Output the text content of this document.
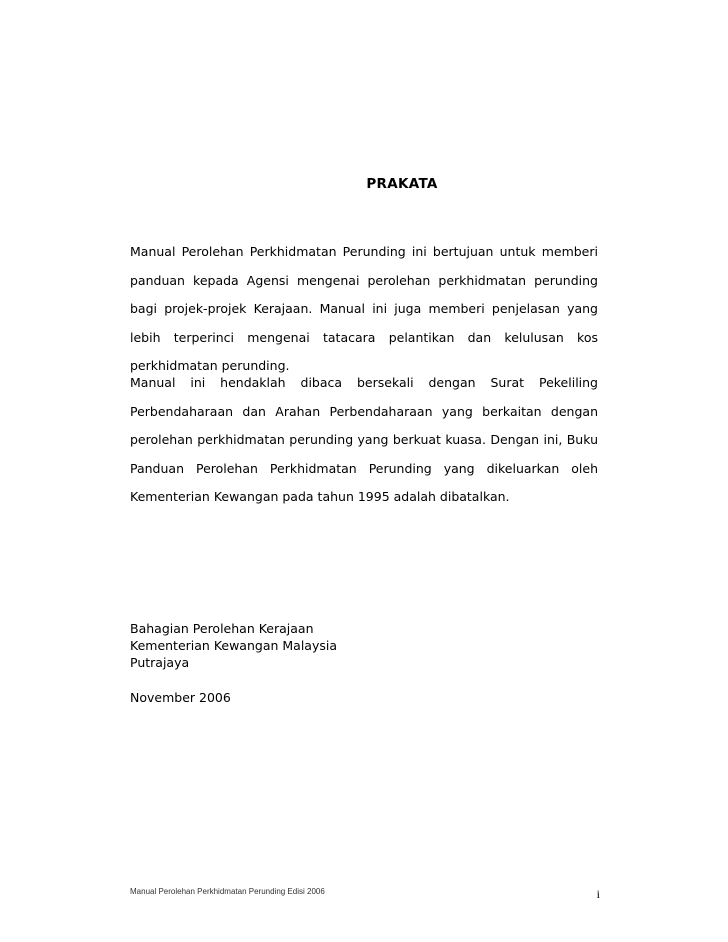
PRAKATA

Manual Perolehan Perkhidmatan Perunding ini bertujuan untuk memberi panduan kepada Agensi mengenai perolehan perkhidmatan perunding bagi projek-projek Kerajaan. Manual ini juga memberi penjelasan yang lebih terperinci mengenai tatacara pelantikan dan kelulusan kos perkhidmatan perunding.

Manual ini hendaklah dibaca bersekali dengan Surat Pekeliling Perbendaharaan dan Arahan Perbendaharaan yang berkaitan dengan perolehan perkhidmatan perunding yang berkuat kuasa. Dengan ini, Buku Panduan Perolehan Perkhidmatan Perunding yang dikeluarkan oleh Kementerian Kewangan pada tahun 1995 adalah dibatalkan.

Bahagian Perolehan Kerajaan
Kementerian Kewangan Malaysia
Putrajaya
November 2006
Manual Perolehan Perkhidmatan Perunding Edisi 2006	i
